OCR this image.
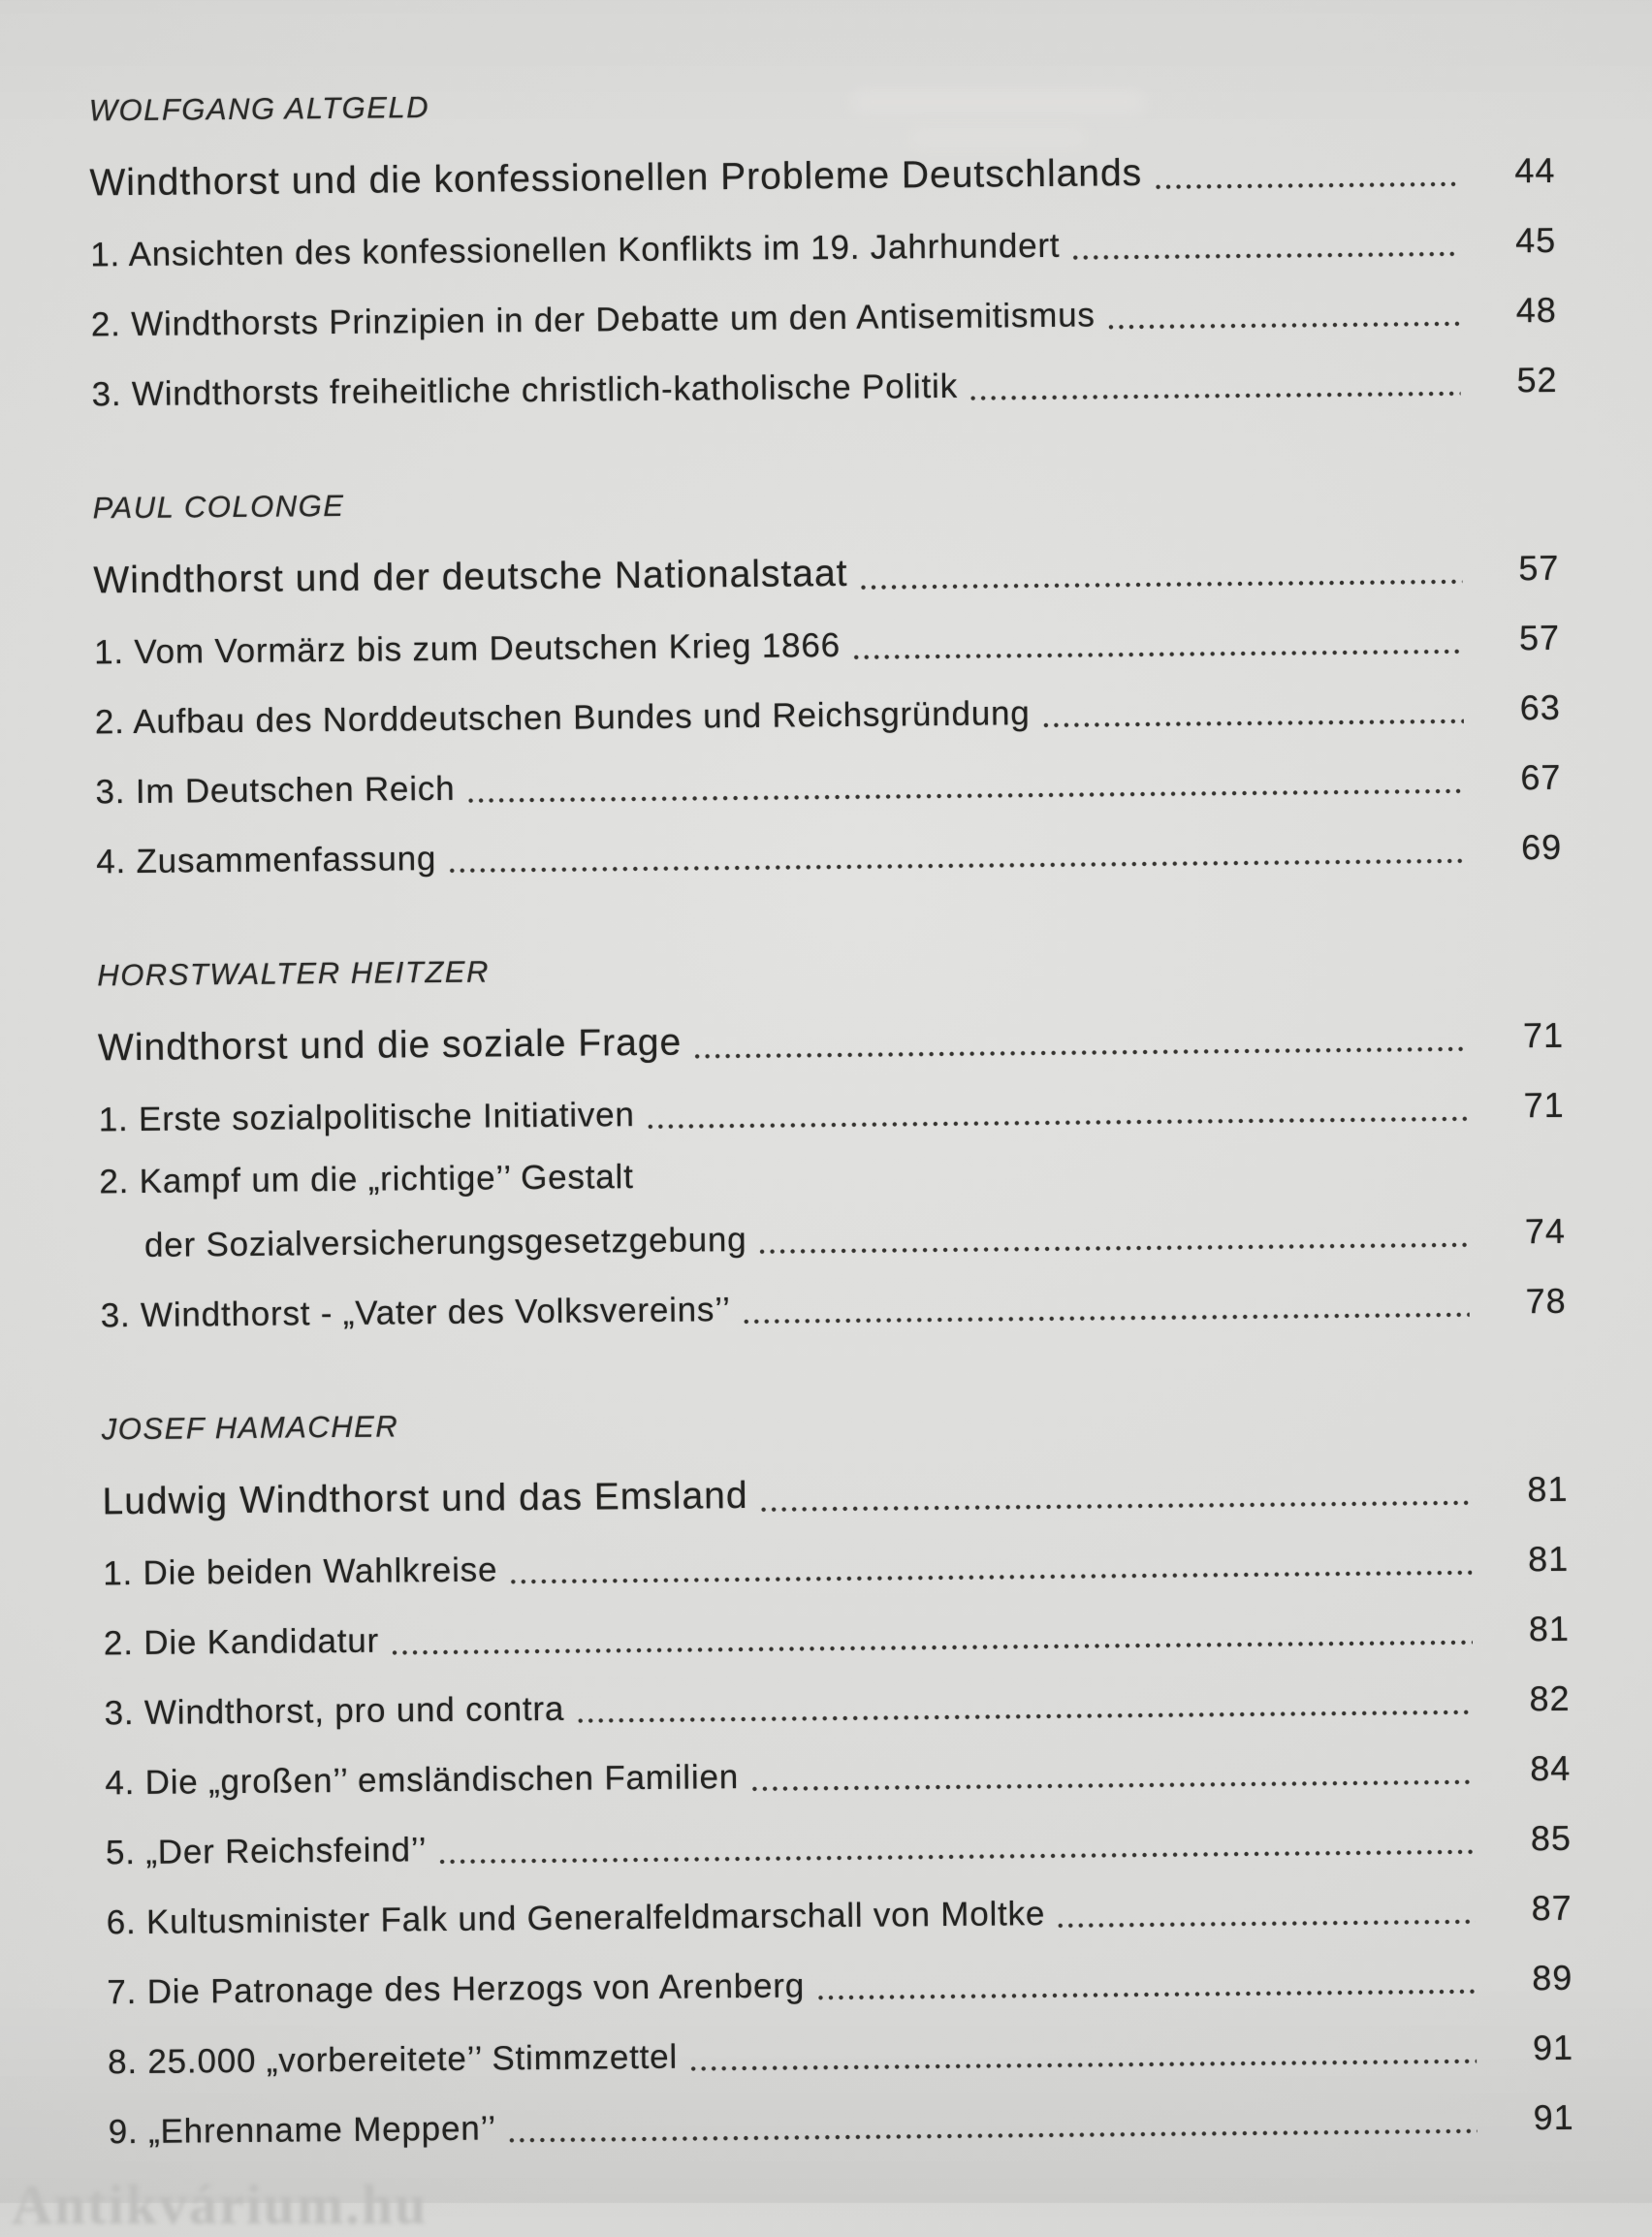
WOLFGANG ALTGELD
Windthorst und die konfessionellen Probleme Deutschlands	44
1. Ansichten des konfessionellen Konflikts im 19. Jahrhundert	45
2. Windthorsts Prinzipien in der Debatte um den Antisemitismus	48
3. Windthorsts freiheitliche christlich-katholische Politik	52
PAUL COLONGE
Windthorst und der deutsche Nationalstaat	57
1. Vom Vormärz bis zum Deutschen Krieg 1866	57
2. Aufbau des Norddeutschen Bundes und Reichsgründung	63
3. Im Deutschen Reich	67
4. Zusammenfassung	69
HORSTWALTER HEITZER
Windthorst und die soziale Frage	71
1. Erste sozialpolitische Initiativen	71
2. Kampf um die „richtige’’ Gestalt
der Sozialversicherungsgesetzgebung	74
3. Windthorst - „Vater des Volksvereins’’	78
JOSEF HAMACHER
Ludwig Windthorst und das Emsland	81
1. Die beiden Wahlkreise	81
2. Die Kandidatur	81
3. Windthorst, pro und contra	82
4. Die „großen’’ emsländischen Familien	84
5. „Der Reichsfeind’’	85
6. Kultusminister Falk und Generalfeldmarschall von Moltke	87
7. Die Patronage des Herzogs von Arenberg	89
8. 25.000 „vorbereitete’’ Stimmzettel	91
9. „Ehrenname Meppen’’	91
Antikvárium.hu
